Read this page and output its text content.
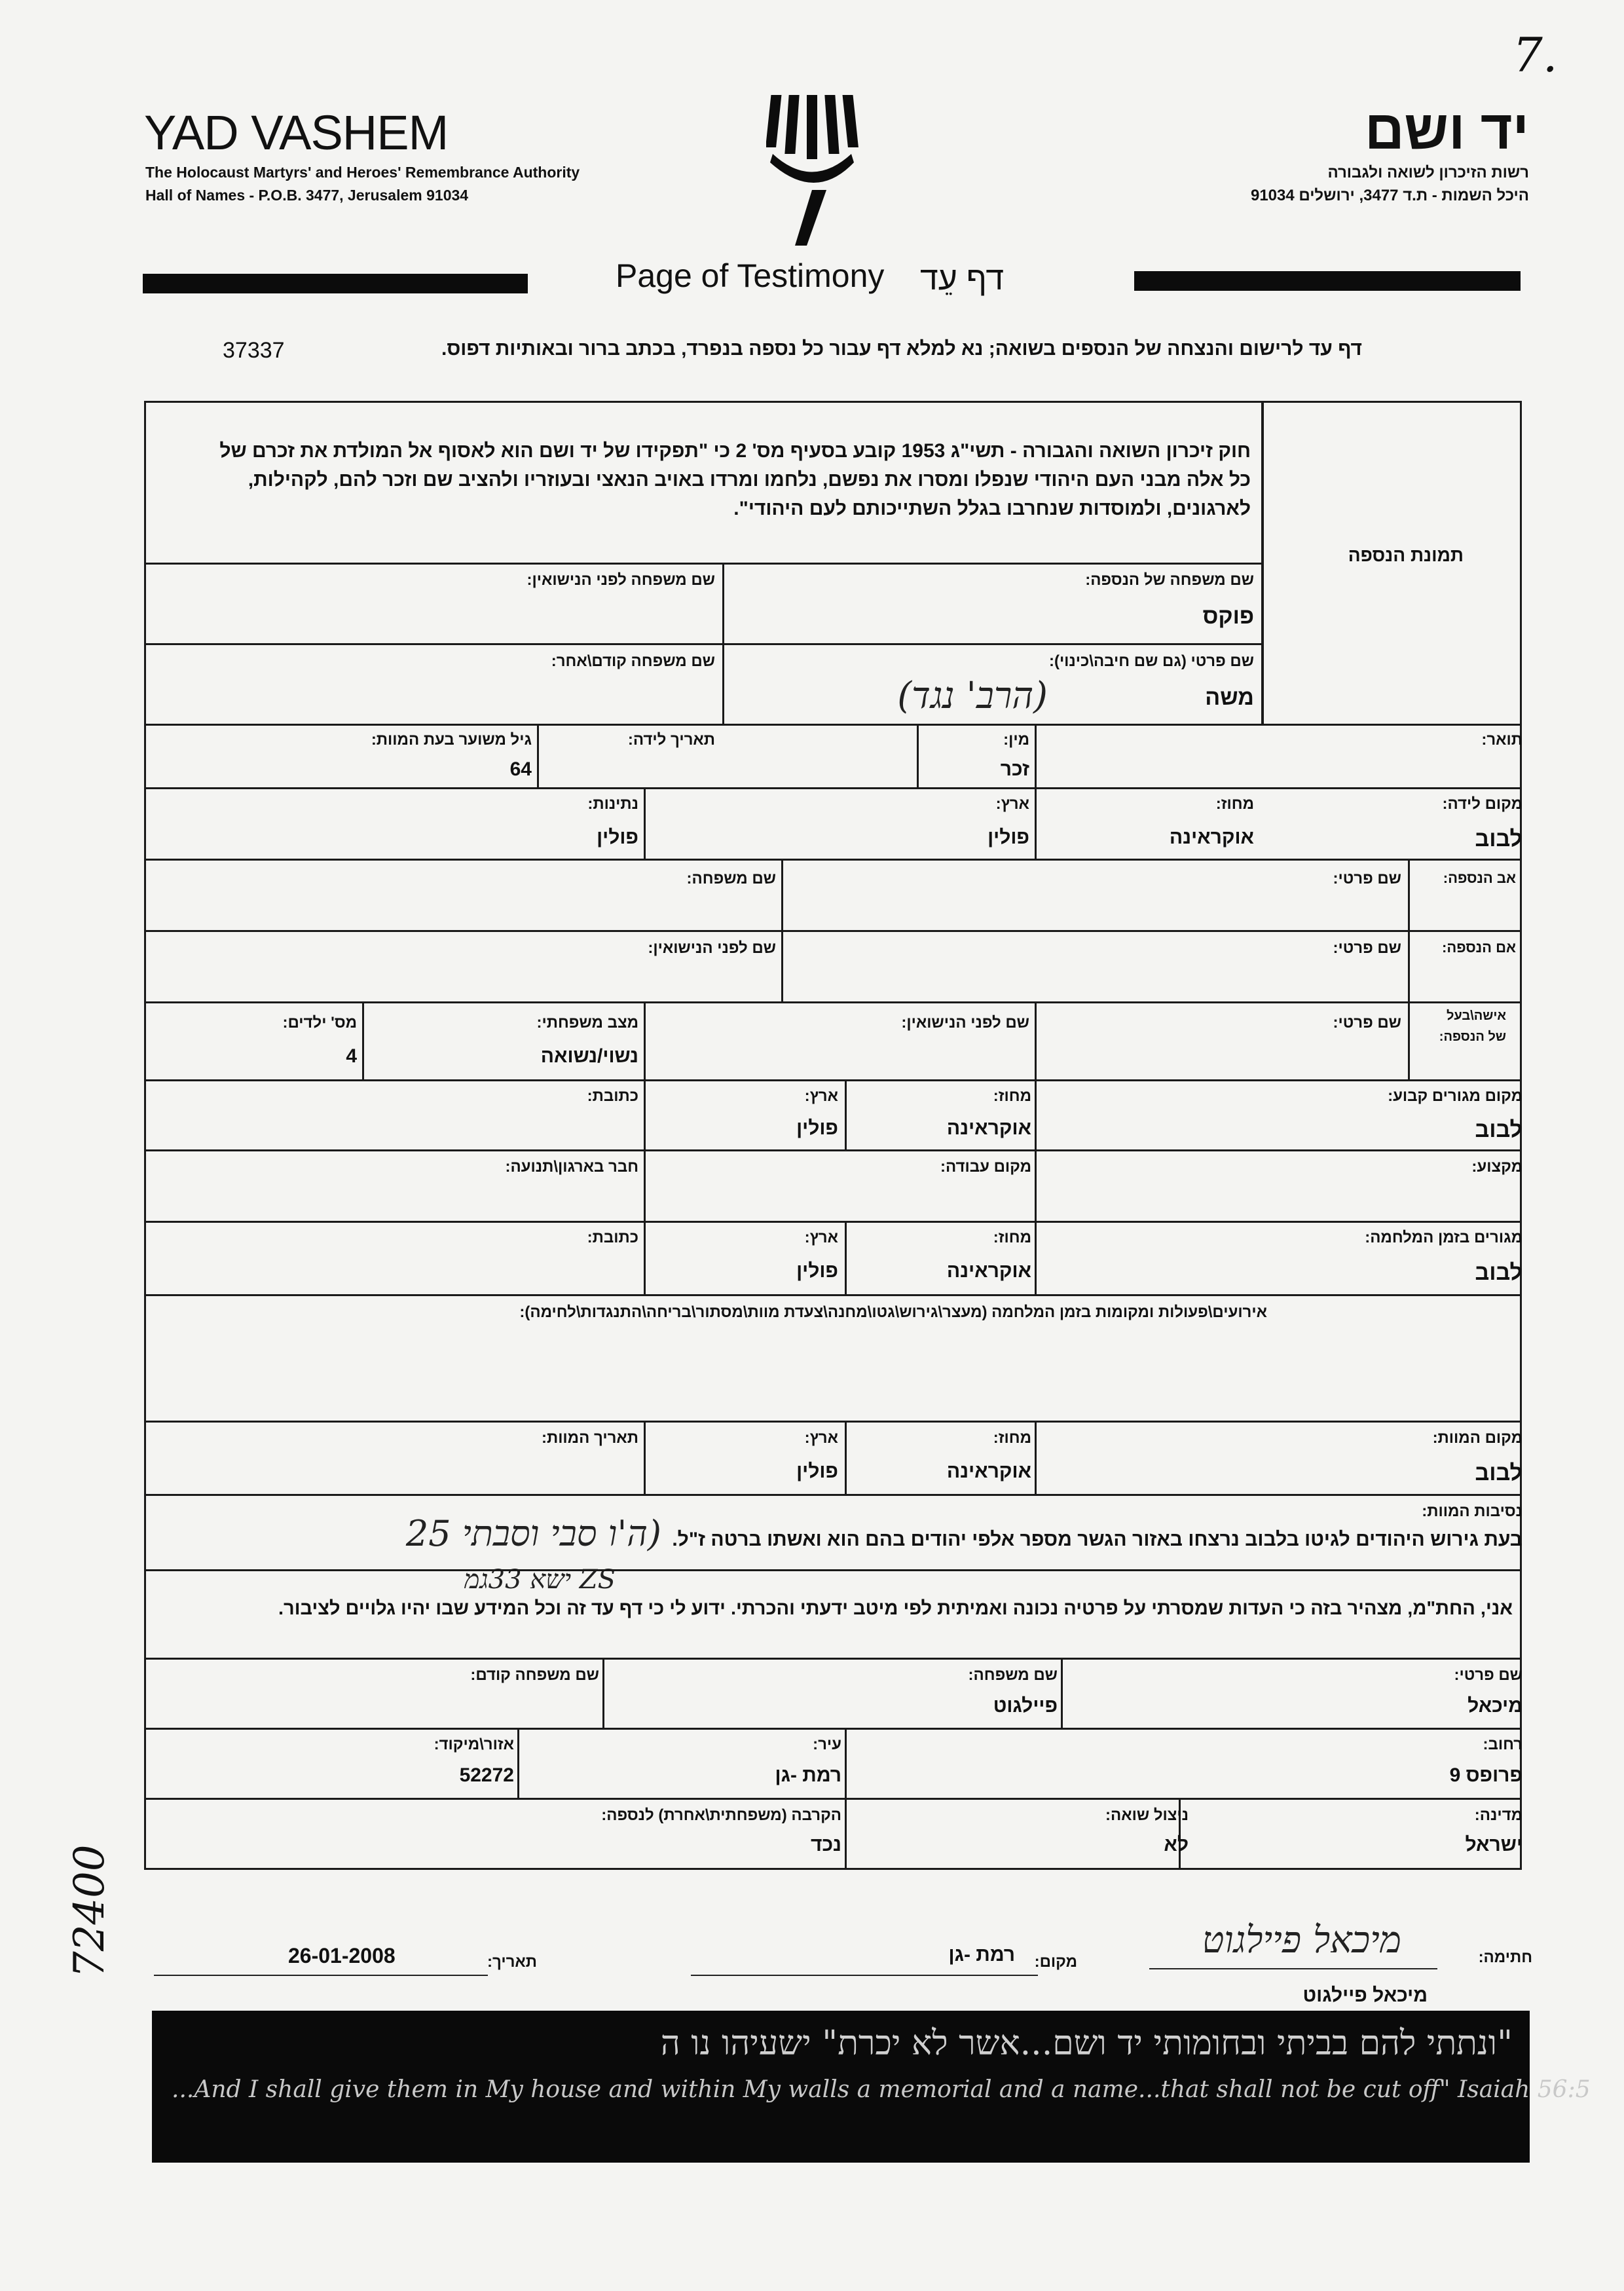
7.
72400
YAD VASHEM
The Holocaust Martyrs' and Heroes' Remembrance Authority
Hall of Names - P.O.B. 3477, Jerusalem 91034
יד ושם
רשות הזיכרון לשואה ולגבורה
היכל השמות - ת.ד 3477, ירושלים 91034
Page of Testimony דף עֵד
דף עד לרישום והנצחה של הנספים בשואה; נא למלא דף עבור כל נספה בנפרד, בכתב ברור ובאותיות דפוס.
37337
תמונת הנספה
חוק זיכרון השואה והגבורה - תשי"ג 1953 קובע בסעיף מס' 2 כי "תפקידו של יד ושם הוא לאסוף אל המולדת את זכרם של
כל אלה מבני העם היהודי שנפלו ומסרו את נפשם, נלחמו ומרדו באויב הנאצי ובעוזריו ולהציב שם וזכר להם, לקהילות,
לארגונים, ולמוסדות שנחרבו בגלל השתייכותם לעם היהודי".
שם משפחה של הנספה:
פוקס
שם משפחה לפני הנישואין:
שם פרטי (גם שם חיבה\כינוי):
משה
(הרב' נגד)
שם משפחה קודם\אחר:
תואר:
מין:
זכר
תאריך לידה:
גיל משוער בעת המוות:
64
מקום לידה:
לבוב
מחוז:
אוקראינה
ארץ:
פולין
נתינות:
פולין
אב הנספה:
שם פרטי:
שם משפחה:
אם הנספה:
שם פרטי:
שם לפני הנישואין:
אישה\בעל
של הנספה:
שם פרטי:
שם לפני הנישואין:
מצב משפחתי:
נשוי/נשואה
מס' ילדים:
4
מקום מגורים קבוע:
לבוב
מחוז:
אוקראינה
ארץ:
פולין
כתובת:
מקצוע:
מקום עבודה:
חבר בארגון\תנועה:
מגורים בזמן המלחמה:
לבוב
מחוז:
אוקראינה
ארץ:
פולין
כתובת:
אירועים\פעולות ומקומות בזמן המלחמה (מעצר\גירוש\גטו\מחנה\צעדת מוות\מסתור\בריחה\התנגדות\לחימה):
מקום המוות:
לבוב
מחוז:
אוקראינה
ארץ:
פולין
תאריך המוות:
נסיבות המוות:
בעת גירוש היהודים לגיטו בלבוב נרצחו באזור הגשר מספר אלפי יהודים בהם הוא ואשתו ברטה ז"ל.
(ה'ו סבי וסבתי 25
ZS ישא 33גמ
אני, החת"מ, מצהיר בזה כי העדות שמסרתי על פרטיה נכונה ואמיתית לפי מיטב ידעתי והכרתי. ידוע לי כי דף עד זה וכל המידע שבו יהיו גלויים לציבור.
שם פרטי:
מיכאל
שם משפחה:
פיילגוט
שם משפחה קודם:
רחוב:
פרופס 9
עיר:
רמת -גן
אזור\מיקוד:
52272
מדינה:
ישראל
ניצול שואה:
לא
הקרבה (משפחתית\אחרת) לנספה:
נכד
חתימה:
מיכאל פיילגוט
מיכאל פיילגוט
מקום:
רמת -גן
תאריך:
26-01-2008
"ונתתי להם בביתי ובחומותי יד ושם...אשר לא יכרת" ישעיהו נו ה
...And I shall give them in My house and within My walls a memorial and a name...that shall not be cut off" Isaiah 56:5
